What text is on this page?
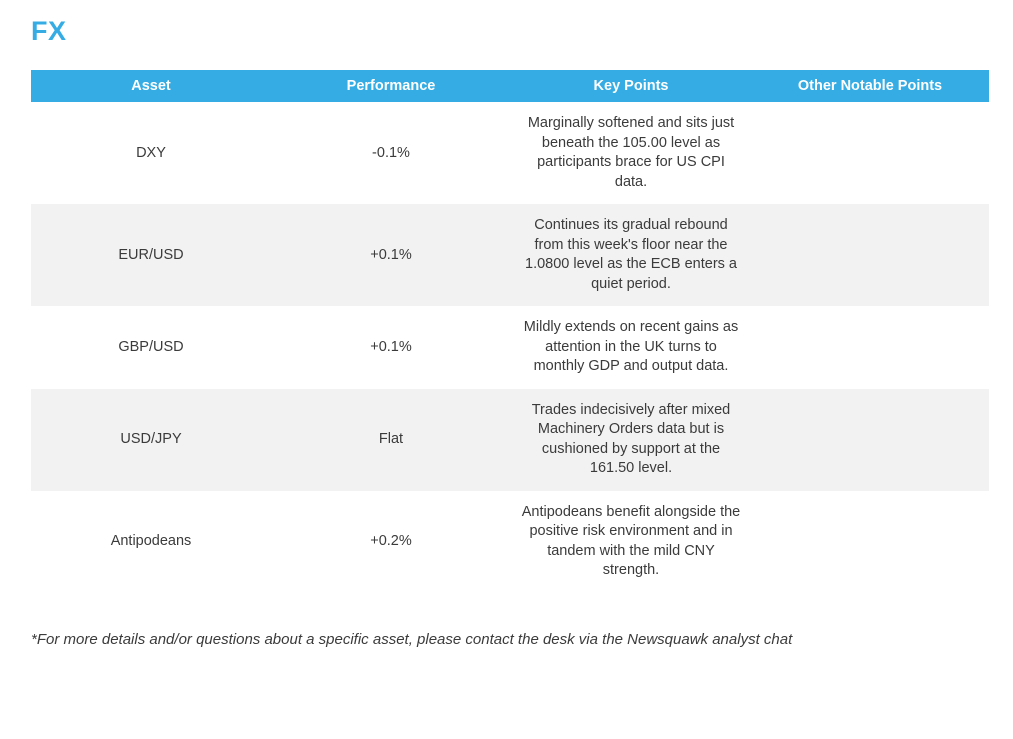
FX
Asset	Performance	Key Points	Other Notable Points
DXY	-0.1%	Marginally softened and sits just beneath the 105.00 level as participants brace for US CPI data.	
EUR/USD	+0.1%	Continues its gradual rebound from this week's floor near the 1.0800 level as the ECB enters a quiet period.	
GBP/USD	+0.1%	Mildly extends on recent gains as attention in the UK turns to monthly GDP and output data.	
USD/JPY	Flat	Trades indecisively after mixed Machinery Orders data but is cushioned by support at the 161.50 level.	
Antipodeans	+0.2%	Antipodeans benefit alongside the positive risk environment and in tandem with the mild CNY strength.	
*For more details and/or questions about a specific asset, please contact the desk via the Newsquawk analyst chat
